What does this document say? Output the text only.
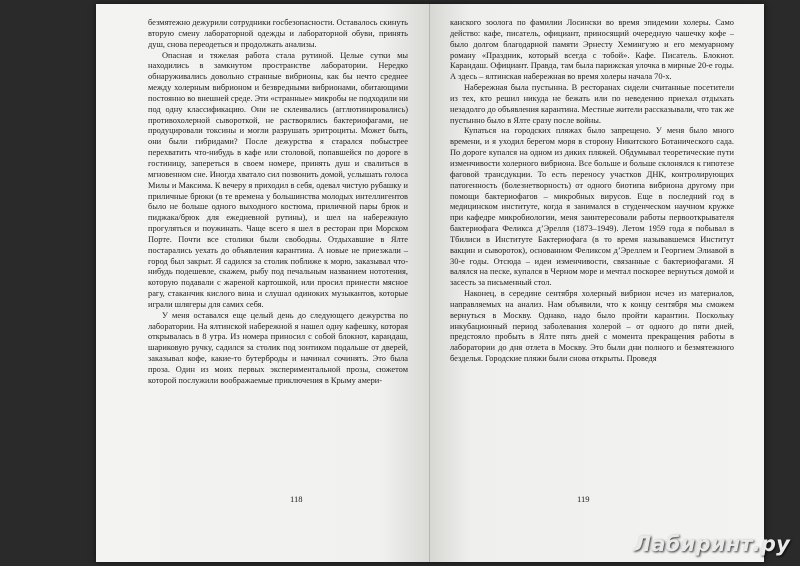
безмятежно дежурили сотрудники госбезопасности. Оставалось скинуть вторую смену лабораторной одежды и лабораторной обуви, принять душ, снова переодеться и продолжать анализы.

Опасная и тяжелая работа стала рутиной. Целые сутки мы находились в замкнутом пространстве лаборатории. Нередко обнаруживались довольно странные вибрионы, как бы нечто среднее между холерным вибрионом и безвредными вибрионами, обитающими постоянно во внешней среде. Эти «странные» микробы не подходили ни под одну классификацию. Они не склеивались (агглютинировались) противохолерной сывороткой, не растворялись бактериофагами, не продуцировали токсины и могли разрушать эритроциты. Может быть, они были гибридами? После дежурства я старался побыстрее перехватить что-нибудь в кафе или столовой, попавшейся по дороге в гостиницу, запереться в своем номере, принять душ и свалиться в мгновенном сне. Иногда хватало сил позвонить домой, услышать голоса Милы и Максима. К вечеру я приходил в себя, одевал чистую рубашку и приличные брюки (в те времена у большинства молодых интеллигентов было не больше одного выходного костюма, приличной пары брюк и пиджака/брюк для ежедневной рутины), и шел на набережную прогуляться и поужинать. Чаще всего я шел в ресторан при Морском Порте. Почти все столики были свободны. Отдыхавшие в Ялте постарались уехать до объявления карантина. А новые не приезжали – город был закрыт. Я садился за столик поближе к морю, заказывал что-нибудь подешевле, скажем, рыбу под печальным названием нототения, которую подавали с жареной картошкой, или просил принести мясное рагу, стаканчик кислого вина и слушал одиноких музыкантов, которые играли шлягеры для самих себя.

У меня оставался еще целый день до следующего дежурства по лаборатории. На ялтинской набережной я нашел одну кафешку, которая открывалась в 8 утра. Из номера приносил с собой блокнот, карандаш, шариковую ручку, садился за столик под зонтиком подальше от дверей, заказывал кофе, какие-то бутерброды и начинал сочинять. Это была проза. Один из моих первых экспериментальной прозы, сюжетом которой послужили воображаемые приключения в Крыму амери-

118

канского зоолога по фамилии Лосински во время эпидемии холеры. Само действо: кафе, писатель, официант, приносящий очередную чашечку кофе – было долгом благодарной памяти Эрнесту Хемингуэю и его мемуарному роману «Праздник, который всегда с тобой». Кафе. Писатель. Блокнот. Карандаш. Официант. Правда, там была парижская улочка в мирные 20-е годы. А здесь – ялтинская набережная во время холеры начала 70-х.

Набережная была пустынна. В ресторанах сидели считанные посетители из тех, кто решил никуда не бежать или по неведению приехал отдыхать незадолго до объявления карантина. Местные жители рассказывали, что так же пустынно было в Ялте сразу после войны.

Купаться на городских пляжах было запрещено. У меня было много времени, и я уходил берегом моря в сторону Никитского Ботанического сада. По дороге купался на одном из диких пляжей. Обдумывал теоретические пути изменчивости холерного вибриона. Все больше и больше склонялся к гипотезе фаговой трансдукции. То есть переносу участков ДНК, контролирующих патогенность (болезнетворность) от одного биотипа вибриона другому при помощи бактериофагов – микробных вирусов. Еще в последний год в медицинском институте, когда я занимался в студенческом научном кружке при кафедре микробиологии, меня заинтересовали работы первооткрывателя бактериофага Феликса д’Эрелля (1873–1949). Летом 1959 года я побывал в Тбилиси в Институте Бактериофага (в то время называвшемся Институт вакцин и сывороток), основанном Феликсом д’Эреллем и Георгием Элиавой в 30-е годы. Отсюда – идеи изменчивости, связанные с бактериофагами. Я валялся на песке, купался в Черном море и мечтал поскорее вернуться домой и засесть за письменный стол.

Наконец, в середине сентября холерный вибрион исчез из материалов, направляемых на анализ. Нам объявили, что к концу сентября мы сможем вернуться в Москву. Однако, надо было пройти карантин. Поскольку инкубационный период заболевания холерой – от одного до пяти дней, предстояло пробыть в Ялте пять дней с момента прекращения работы в лаборатории до дня отлета в Москву. Это были дни полного и безмятежного безделья. Городские пляжи были снова открыты. Проведя

119
Лабиринт.ру
